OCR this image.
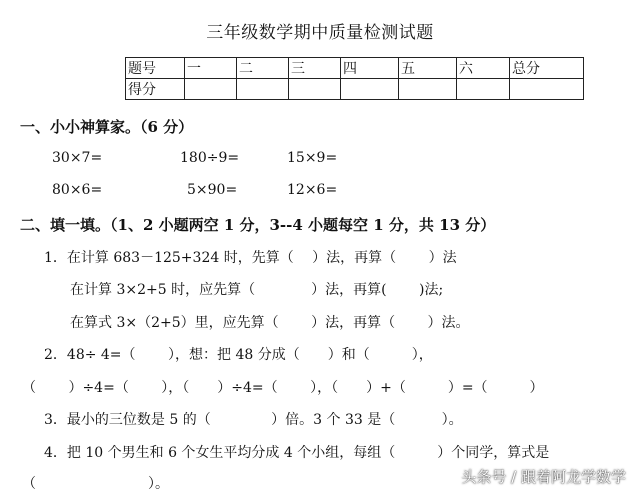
三年级数学期中质量检测试题
题号	一	二	三	四	五	六	总分
得分							
一、小小神算家。（6 分）
30×7=	180÷9=	15×9=
80×6=	5×90=	12×6=
二、填一填。（1、2 小题两空 1 分，3--4 小题每空 1 分，共 13 分）
1．在计算 683－125+324 时，先算（　 ）法，再算（　　 ）法
在计算 3×2+5 时，应先算（　　　　）法，再算(　　 )法;
在算式 3×（2+5）里，应先算（　　 ）法，再算（　　 ）法。
2．48÷ 4=（　　 ），想：把 48 分成（　　）和（　　　），
（　　 ）÷4=（　　 ），（　　）÷4=（　　 ），（　　）+（　　　）=（　　　）
3．最小的三位数是 5 的（　　　　 ）倍。3 个 33 是（　　　 ）。
4．把 10 个男生和 6 个女生平均分成 4 个小组，每组（　　　）个同学，算式是
（　　　　　　　　）。	头条号 / 跟着阿龙学数学
